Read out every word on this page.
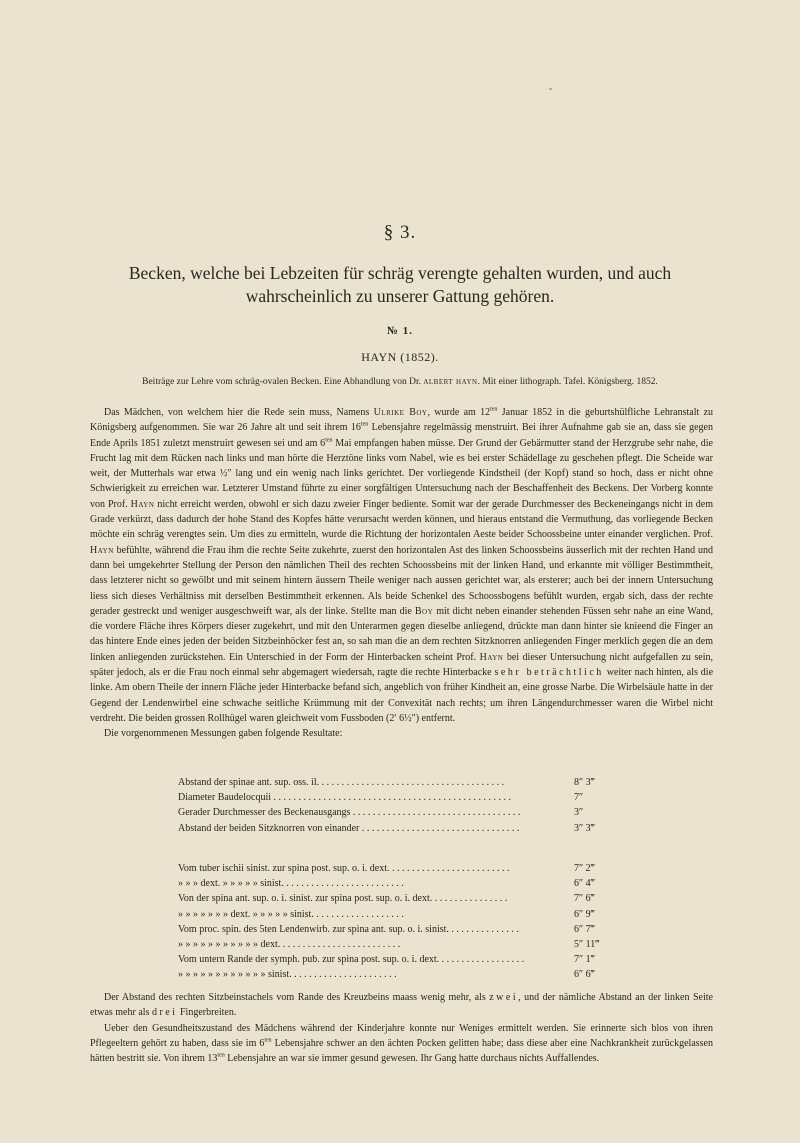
§ 3.
Becken, welche bei Lebzeiten für schräg verengte gehalten wurden, und auch wahrscheinlich zu unserer Gattung gehören.
№ 1.
HAYN (1852).
Beiträge zur Lehre vom schräg-ovalen Becken. Eine Abhandlung von Dr. albert hayn. Mit einer lithograph. Tafel. Königsberg. 1852.

Das Mädchen, von welchem hier die Rede sein muss, Namens Ulrike Boy, wurde am $12^{ten}$ Januar 1852 in die geburtshülfliche Lehranstalt zu Königsberg aufgenommen. Sie war 26 Jahre alt und seit ihrem $16^{ten}$ Lebensjahre regelmässig menstruirt. Bei ihrer Aufnahme gab sie an, dass sie gegen Ende Aprils 1851 zuletzt menstruirt gewesen sei und am $6^{ten}$ Mai empfangen haben müsse. Der Grund der Gebärmutter stand der Herzgrube sehr nahe, die Frucht lag mit dem Rücken nach links und man hörte die Herztöne links vom Nabel, wie es bei erster Schädellage zu geschehen pflegt. Die Scheide war weit, der Mutterhals war etwa ½″ lang und ein wenig nach links gerichtet. Der vorliegende Kindstheil (der Kopf) stand so hoch, dass er nicht ohne Schwierigkeit zu erreichen war. Letzterer Umstand führte zu einer sorgfältigen Untersuchung nach der Beschaffenheit des Beckens. Der Vorberg konnte von Prof. Hayn nicht erreicht werden, obwohl er sich dazu zweier Finger bediente. Somit war der gerade Durchmesser des Beckeneingangs nicht in dem Grade verkürzt, dass dadurch der hohe Stand des Kopfes hätte verursacht werden können, und hieraus entstand die Vermuthung, das vorliegende Becken möchte ein schräg verengtes sein. Um dies zu ermitteln, wurde die Richtung der horizontalen Aeste beider Schoossbeine unter einander verglichen. Prof. Hayn befühlte, während die Frau ihm die rechte Seite zukehrte, zuerst den horizontalen Ast des linken Schoossbeins äusserlich mit der rechten Hand und dann bei umgekehrter Stellung der Person den nämlichen Theil des rechten Schoossbeins mit der linken Hand, und erkannte mit völliger Bestimmtheit, dass letzterer nicht so gewölbt und mit seinem hintern äussern Theile weniger nach aussen gerichtet war, als ersterer; auch bei der innern Untersuchung liess sich dieses Verhältniss mit derselben Bestimmtheit erkennen. Als beide Schenkel des Schoossbogens befühlt wurden, ergab sich, dass der rechte gerader gestreckt und weniger ausgeschweift war, als der linke. Stellte man die Boy mit dicht neben einander stehenden Füssen sehr nahe an eine Wand, die vordere Fläche ihres Körpers dieser zugekehrt, und mit den Unterarmen gegen dieselbe anliegend, drückte man dann hinter sie knieend die Finger an das hintere Ende eines jeden der beiden Sitzbeinhöcker fest an, so sah man die an dem rechten Sitzknorren anliegenden Finger merklich gegen die an dem linken anliegenden zurückstehen. Ein Unterschied in der Form der Hinterbacken scheint Prof. Hayn bei dieser Untersuchung nicht aufgefallen zu sein, später jedoch, als er die Frau noch einmal sehr abgemagert wiedersah, ragte die rechte Hinterbacke sehr beträchtlich weiter nach hinten, als die linke. Am obern Theile der innern Fläche jeder Hinterbacke befand sich, angeblich von früher Kindheit an, eine grosse Narbe. Die Wirbelsäule hatte in der Gegend der Lendenwirbel eine schwache seitliche Krümmung mit der Convexität nach rechts; um ihren Längendurchmesser waren die Wirbel nicht verdreht. Die beiden grossen Rollhügel waren gleichweit vom Fussboden (2′ 6½″) entfernt.

Die vorgenommenen Messungen gaben folgende Resultate:

Abstand der spinae ant. sup. oss. il. . . . . . . . . . . . . . . . . . . . . . . . . . . . . . . . . . . . . .	8″ 3‴
Diameter Baudelocquii . . . . . . . . . . . . . . . . . . . . . . . . . . . . . . . . . . . . . . . . . . . . . . . .	7″
Gerader Durchmesser des Beckenausgangs . . . . . . . . . . . . . . . . . . . . . . . . . . . . . . . . . .	3″
Abstand der beiden Sitzknorren von einander . . . . . . . . . . . . . . . . . . . . . . . . . . . . . . . .	3″ 3‴
Vom tuber ischii sinist. zur spina post. sup. o. i. dext. . . . . . . . . . . . . . . . . . . . . . . . .	7″ 2‴
» » » dext. » » » » » sinist. . . . . . . . . . . . . . . . . . . . . . . . .	6″ 4‴
Von der spina ant. sup. o. i. sinist. zur spina post. sup. o. i. dext. . . . . . . . . . . . . . . .	7″ 6‴
» » » » » » » dext. » » » » » sinist. . . . . . . . . . . . . . . . . . .	6″ 9‴
Vom proc. spin. des 5ten Lendenwirb. zur spina ant. sup. o. i. sinist. . . . . . . . . . . . . . .	6″ 7‴
» » » » » » » » » » » dext. . . . . . . . . . . . . . . . . . . . . . . . .	5″ 11‴
Vom untern Rande der symph. pub. zur spina post. sup. o. i. dext. . . . . . . . . . . . . . . . . .	7″ 1‴
» » » » » » » » » » » » sinist. . . . . . . . . . . . . . . . . . . . . .	6″ 6‴

Der Abstand des rechten Sitzbeinstachels vom Rande des Kreuzbeins maass wenig mehr, als zwei, und der nämliche Abstand an der linken Seite etwas mehr als drei Fingerbreiten.

Ueber den Gesundheitszustand des Mädchens während der Kinderjahre konnte nur Weniges ermittelt werden. Sie erinnerte sich blos von ihren Pflegeeltern gehört zu haben, dass sie im $6^{ten}$ Lebensjahre schwer an den ächten Pocken gelitten habe; dass diese aber eine Nachkrankheit zurückgelassen hätten bestritt sie. Von ihrem $13^{ten}$ Lebensjahre an war sie immer gesund gewesen. Ihr Gang hatte durchaus nichts Auffallendes.
